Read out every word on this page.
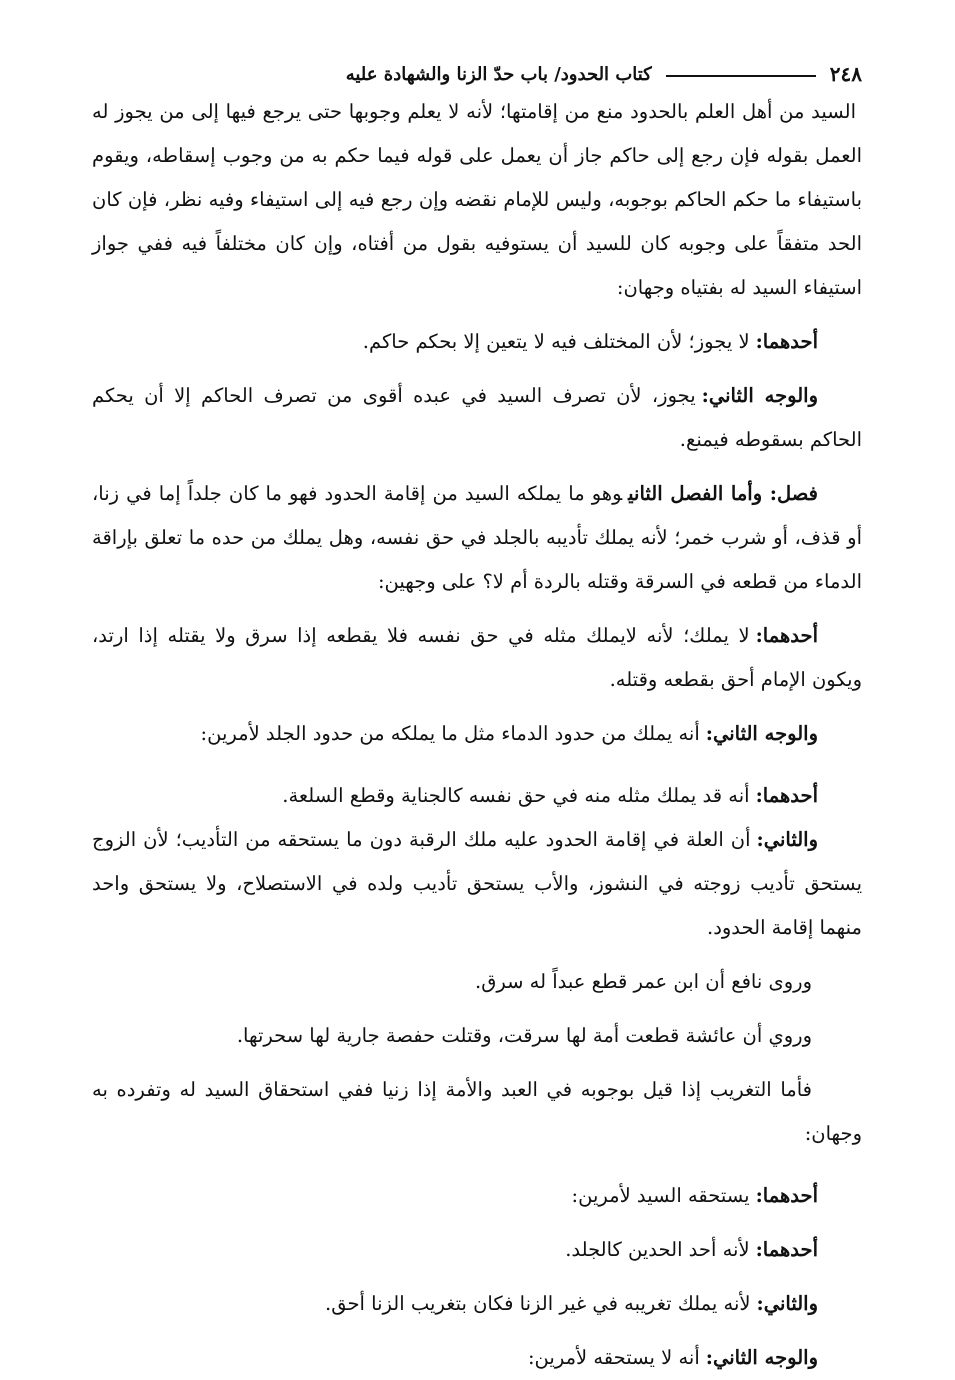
٢٤٨
كتاب الحدود/ باب حدّ الزنا والشهادة عليه

السيد من أهل العلم بالحدود منع من إقامتها؛ لأنه لا يعلم وجوبها حتى يرجع فيها إلى من يجوز له العمل بقوله فإن رجع إلى حاكم جاز أن يعمل على قوله فيما حكم به من وجوب إسقاطه، ويقوم باستيفاء ما حكم الحاكم بوجوبه، وليس للإمام نقضه وإن رجع فيه إلى استيفاء وفيه نظر، فإن كان الحد متفقاً على وجوبه كان للسيد أن يستوفيه بقول من أفتاه، وإن كان مختلفاً فيه ففي جواز استيفاء السيد له بفتياه وجهان:

أحدهما:لا يجوز؛ لأن المختلف فيه لا يتعين إلا بحكم حاكم.

والوجه الثاني:يجوز، لأن تصرف السيد في عبده أقوى من تصرف الحاكم إلا أن يحكم الحاكم بسقوطه فيمنع.

فصل: وأما الفصل الثانيوهو ما يملكه السيد من إقامة الحدود فهو ما كان جلداً إما في زنا، أو قذف، أو شرب خمر؛ لأنه يملك تأديبه بالجلد في حق نفسه، وهل يملك من حده ما تعلق بإراقة الدماء من قطعه في السرقة وقتله بالردة أم لا؟ على وجهين:

أحدهما:لا يملك؛ لأنه لايملك مثله في حق نفسه فلا يقطعه إذا سرق ولا يقتله إذا ارتد، ويكون الإمام أحق بقطعه وقتله.

والوجه الثاني:أنه يملك من حدود الدماء مثل ما يملكه من حدود الجلد لأمرين:

أحدهما:أنه قد يملك مثله منه في حق نفسه كالجناية وقطع السلعة.

والثاني:أن العلة في إقامة الحدود عليه ملك الرقبة دون ما يستحقه من التأديب؛ لأن الزوج يستحق تأديب زوجته في النشوز، والأب يستحق تأديب ولده في الاستصلاح، ولا يستحق واحد منهما إقامة الحدود.

وروى نافع أن ابن عمر قطع عبداً له سرق.

وروي أن عائشة قطعت أمة لها سرقت، وقتلت حفصة جارية لها سحرتها.

فأما التغريب إذا قيل بوجوبه في العبد والأمة إذا زنيا ففي استحقاق السيد له وتفرده به وجهان:

أحدهما:يستحقه السيد لأمرين:

أحدهما:لأنه أحد الحدين كالجلد.

والثاني:لأنه يملك تغريبه في غير الزنا فكان بتغريب الزنا أحق.

والوجه الثاني:أنه لا يستحقه لأمرين:
